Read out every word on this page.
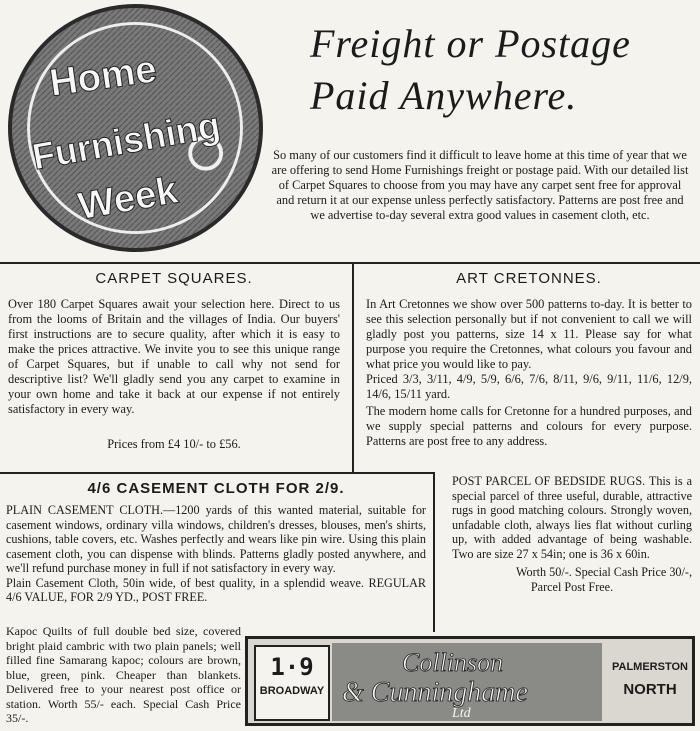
Home
Furnishing
Week
Freight or Postage
Paid Anywhere.
So many of our customers find it difficult to leave home at this time of year that we are offering to send Home Furnishings freight or postage paid. With our detailed list of Carpet Squares to choose from you may have any carpet sent free for approval and return it at our expense unless perfectly satisfactory. Patterns are post free and we advertise to-day several extra good values in casement cloth, etc.
CARPET SQUARES.
Over 180 Carpet Squares await your selection here. Direct to us from the looms of Britain and the villages of India. Our buyers' first instructions are to secure quality, after which it is easy to make the prices attractive. We invite you to see this unique range of Carpet Squares, but if unable to call why not send for descriptive list? We'll gladly send you any carpet to examine in your own home and take it back at our expense if not entirely satisfactory in every way.
Prices from £4 10/- to £56.
ART CRETONNES.
In Art Cretonnes we show over 500 patterns to-day. It is better to see this selection personally but if not convenient to call we will gladly post you patterns, size 14 x 11. Please say for what purpose you require the Cretonnes, what colours you favour and what price you would like to pay.
Priced 3/3, 3/11, 4/9, 5/9, 6/6, 7/6, 8/11, 9/6, 9/11, 11/6, 12/9, 14/6, 15/11 yard.
The modern home calls for Cretonne for a hundred purposes, and we supply special patterns and colours for every purpose. Patterns are post free to any address.
4/6 CASEMENT CLOTH FOR 2/9.
PLAIN CASEMENT CLOTH.—1200 yards of this wanted material, suitable for casement windows, ordinary villa windows, children's dresses, blouses, men's shirts, cushions, table covers, etc. Washes perfectly and wears like pin wire. Using this plain casement cloth, you can dispense with blinds. Patterns gladly posted anywhere, and we'll refund purchase money in full if not satisfactory in every way.
Plain Casement Cloth, 50in wide, of best quality, in a splendid weave. REGULAR 4/6 VALUE, FOR 2/9 YD., POST FREE.
POST PARCEL OF BEDSIDE RUGS. This is a special parcel of three useful, durable, attractive rugs in good matching colours. Strongly woven, unfadable cloth, always lies flat without curling up, with added advantage of being washable. Two are size 27 x 54in; one is 36 x 60in.
Worth 50/-. Special Cash Price 30/-,
Parcel Post Free.
Kapoc Quilts of full double bed size, covered bright plaid cambric with two plain panels; well filled fine Samarang kapoc; colours are brown, blue, green, pink. Cheaper than blankets. Delivered free to your nearest post office or station. Worth 55/- each. Special Cash Price 35/-.
1·9
BROADWAY
Collinson
& Cunninghame
Ltd
PALMERSTON
NORTH
